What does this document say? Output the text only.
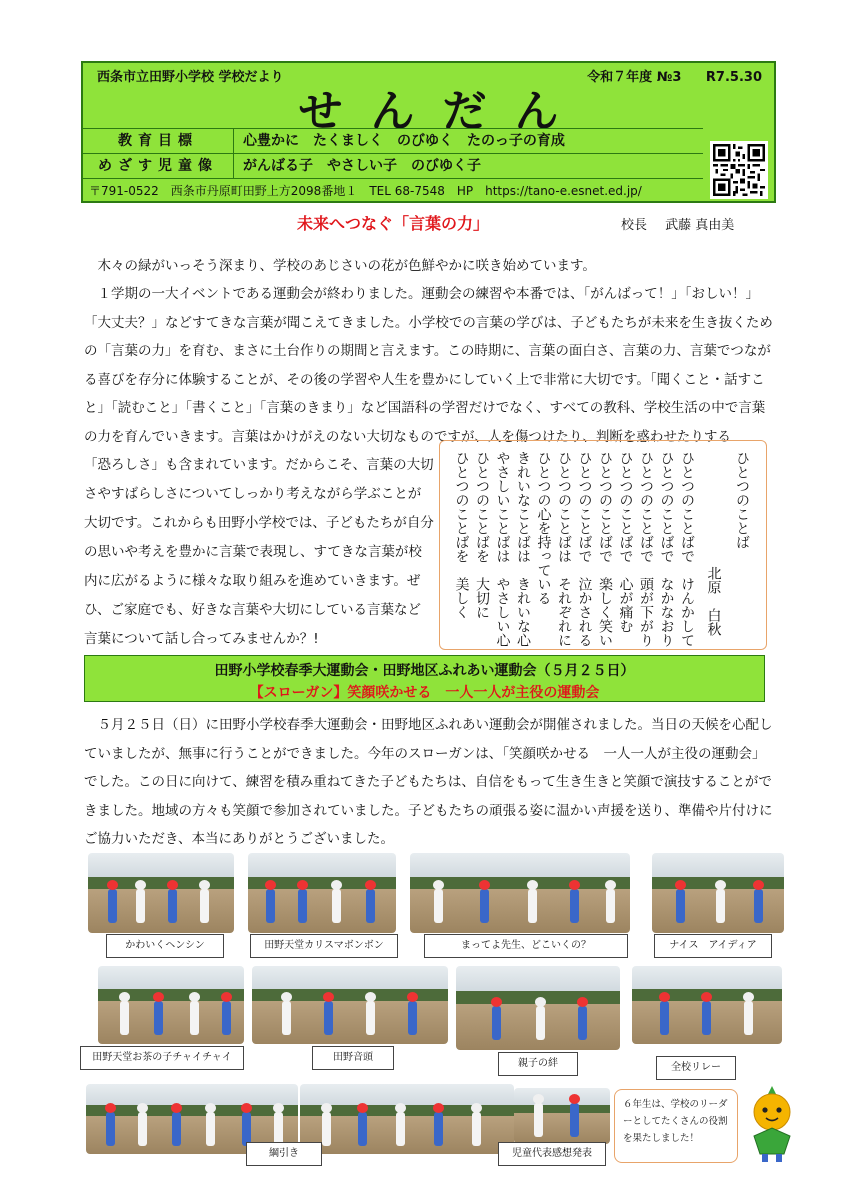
西条市立田野小学校 学校だより	令和７年度 №3 R7.5.30
せんだん
教育目標	心豊かに　たくましく　のびゆく　たのっ子の育成
めざす児童像	がんばる子　やさしい子　のびゆく子
〒791-0522　西条市丹原町田野上方2098番地１　TEL 68-7548　HP　https://tano-e.esnet.ed.jp/
未来へつなぐ「言葉の力」	校長 武藤 真由美
木々の緑がいっそう深まり、学校のあじさいの花が色鮮やかに咲き始めています。
１学期の一大イベントである運動会が終わりました。運動会の練習や本番では、「がんばって！」「おしい！」「大丈夫？」などすてきな言葉が聞こえてきました。小学校での言葉の学びは、子どもたちが未来を生き抜くための「言葉の力」を育む、まさに土台作りの期間と言えます。この時期に、言葉の面白さ、言葉の力、言葉でつながる喜びを存分に体験することが、その後の学習や人生を豊かにしていく上で非常に大切です。「聞くこと・話すこと」「読むこと」「書くこと」「言葉のきまり」など国語科の学習だけでなく、すべての教科、学校生活の中で言葉の力を育んでいきます。言葉はかけがえのない大切なものですが、人を傷つけたり、判断を惑わせたりする
「恐ろしさ」も含まれています。だからこそ、言葉の大切さやすばらしさについてしっかり考えながら学ぶことが大切です。これからも田野小学校では、子どもたちが自分の思いや考えを豊かに言葉で表現し、すてきな言葉が校内に広がるように様々な取り組みを進めていきます。ぜひ、ご家庭でも、好きな言葉や大切にしている言葉など言葉について話し合ってみませんか？!
ひとつのことば
北原　白秋
ひとつのことばで　けんかして
ひとつのことばで　なかなおり
ひとつのことばで　頭が下がり
ひとつのことばで　心が痛む
ひとつのことばで　楽しく笑い
ひとつのことばで　泣かされる
ひとつのことばは　それぞれに
ひとつの心を持っている
きれいなことばは　きれいな心
やさしいことばは　やさしい心
ひとつのことばを　大切に
ひとつのことばを　美しく
田野小学校春季大運動会・田野地区ふれあい運動会（５月２５日）
【スローガン】笑顔咲かせる　一人一人が主役の運動会
５月２５日（日）に田野小学校春季大運動会・田野地区ふれあい運動会が開催されました。当日の天候を心配していましたが、無事に行うことができました。今年のスローガンは、「笑顔咲かせる　一人一人が主役の運動会」でした。この日に向けて、練習を積み重ねてきた子どもたちは、自信をもって生き生きと笑顔で演技することができました。地域の方々も笑顔で参加されていました。子どもたちの頑張る姿に温かい声援を送り、準備や片付けにご協力いただき、本当にありがとうございました。
かわいくヘンシン	田野天堂カリスマボンボン	まってよ先生、どこいくの？	ナイス　アイディア
田野天堂お茶の子チャイチャイ	田野音頭
親子の絆	全校リレー
綱引き	児童代表感想発表
６年生は、学校のリーダーとしてたくさんの役割を果たしました！
